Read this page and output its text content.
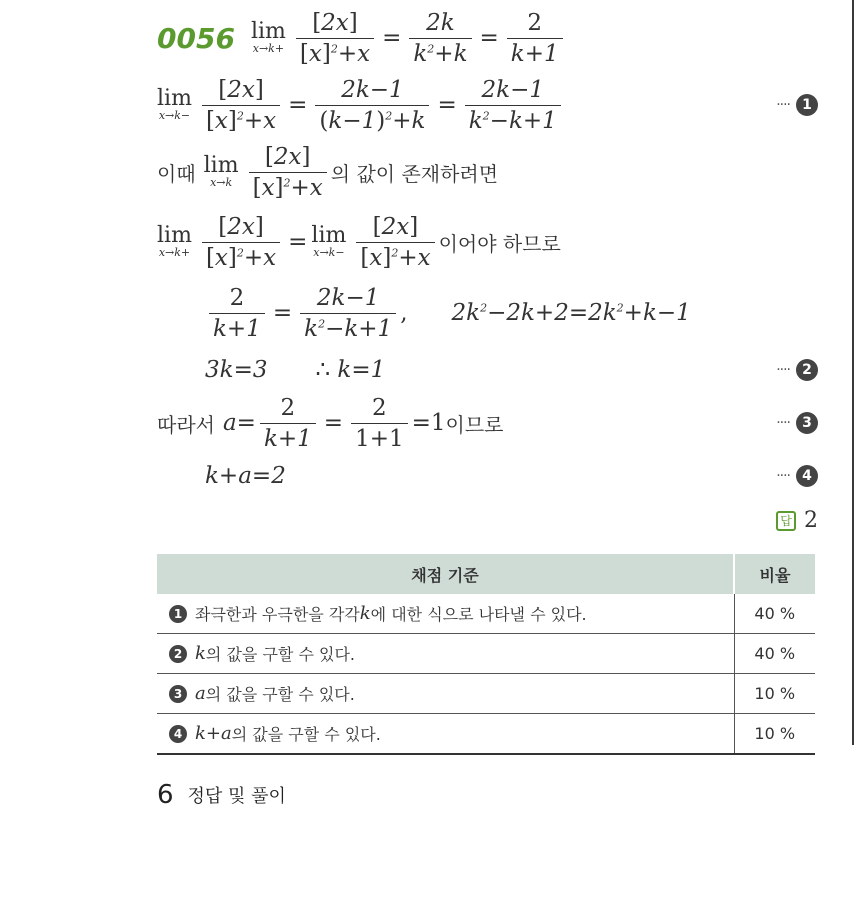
0056 lim
$x\to k+ \frac{[2x]}{[x]^2+x} = \frac{2k}{k^2+k} = \frac{2}{k+1}$
lim
$x\to k- \frac{[2x]}{[x]^2+x} = \frac{2k-1}{(k-1)^2+k} = \frac{2k-1}{k^2-k+1}$	···· 1
이때 lim
$x\to k \frac{[2x]}{[x]^2+x}$ 의 값이 존재하려면
lim
$x\to k+ \frac{[2x]}{[x]^2+x} = \lim$
$x\to k- \frac{[2x]}{[x]^2+x}$ 이어야 하므로
$\frac{2}{k+1} = \frac{2k-1}{k^2-k+1}$ , $2k^2-2k+2=2k^2+k-1$
3k=3 ∴ k=1	···· 2
따라서 $a= \frac{2}{k+1} = \frac{2}{1+1} =1$ 이므로	···· 3
k+a=2	···· 4
답 2
채점 기준	비율

1 좌극한과 우극한을 각각 k 에 대한 식으로 나타낼 수 있다.	40 %

2 k 의 값을 구할 수 있다.	40 %

3 a 의 값을 구할 수 있다.	10 %

4 k+a 의 값을 구할 수 있다.	10 %
6 정답 및 풀이
